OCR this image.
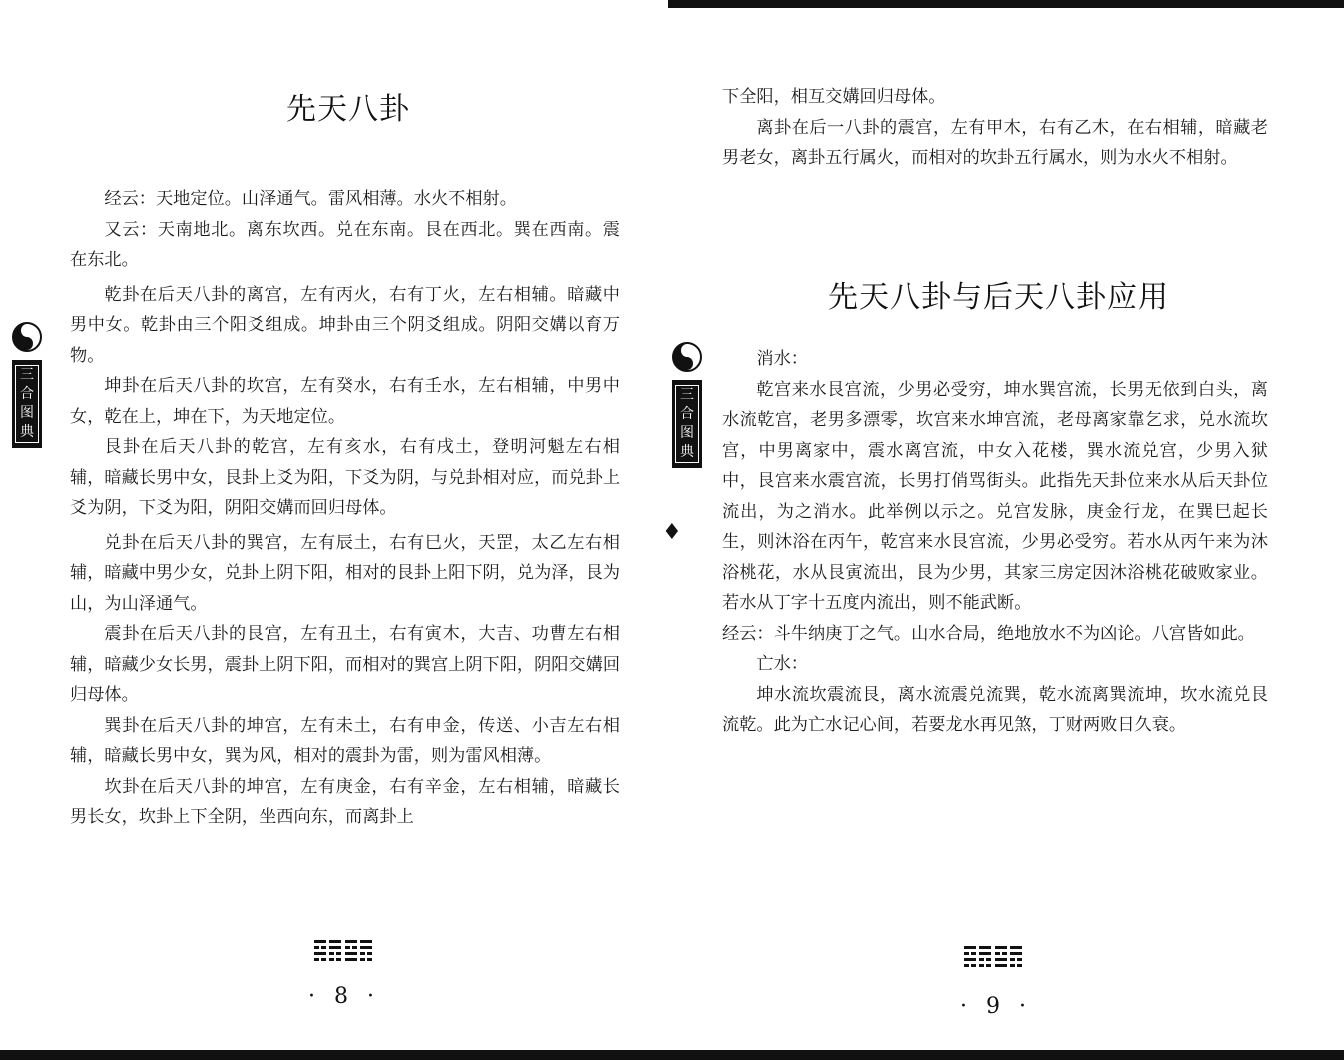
先天八卦
三合图典

经云：天地定位。山泽通气。雷风相薄。水火不相射。

又云：天南地北。离东坎西。兑在东南。艮在西北。巽在西南。震在东北。

乾卦在后天八卦的离宫，左有丙火，右有丁火，左右相辅。暗藏中男中女。乾卦由三个阳爻组成。坤卦由三个阴爻组成。阴阳交媾以育万物。

坤卦在后天八卦的坎宫，左有癸水，右有壬水，左右相辅，中男中女，乾在上，坤在下，为天地定位。

艮卦在后天八卦的乾宫，左有亥水，右有戌土，登明河魁左右相辅，暗藏长男中女，艮卦上爻为阳，下爻为阴，与兑卦相对应，而兑卦上爻为阴，下爻为阳，阴阳交媾而回归母体。

兑卦在后天八卦的巽宫，左有辰土，右有巳火，天罡，太乙左右相辅，暗藏中男少女，兑卦上阴下阳，相对的艮卦上阳下阴，兑为泽，艮为山，为山泽通气。

震卦在后天八卦的艮宫，左有丑土，右有寅木，大吉、功曹左右相辅，暗藏少女长男，震卦上阴下阳，而相对的巽宫上阴下阳，阴阳交媾回归母体。

巽卦在后天八卦的坤宫，左有未土，右有申金，传送、小吉左右相辅，暗藏长男中女，巽为风，相对的震卦为雷，则为雷风相薄。

坎卦在后天八卦的坤宫，左有庚金，右有辛金，左右相辅，暗藏长男长女，坎卦上下全阴，坐西向东，而离卦上

· 8 ·
三合图典
♦

下全阳，相互交媾回归母体。

离卦在后一八卦的震宫，左有甲木，右有乙木，在右相辅，暗藏老男老女，离卦五行属火，而相对的坎卦五行属水，则为水火不相射。

先天八卦与后天八卦应用

消水：

乾宫来水艮宫流，少男必受穷，坤水巽宫流，长男无依到白头，离水流乾宫，老男多漂零，坎宫来水坤宫流，老母离家靠乞求，兑水流坎宫，中男离家中，震水离宫流，中女入花楼，巽水流兑宫，少男入狱中，艮宫来水震宫流，长男打俏骂街头。此指先天卦位来水从后天卦位流出，为之消水。此举例以示之。兑宫发脉，庚金行龙，在巽巳起长生，则沐浴在丙午，乾宫来水艮宫流，少男必受穷。若水从丙午来为沐浴桃花，水从艮寅流出，艮为少男，其家三房定因沐浴桃花破败家业。若水从丁字十五度内流出，则不能武断。

经云：斗牛纳庚丁之气。山水合局，绝地放水不为凶论。八宫皆如此。

亡水：

坤水流坎震流艮，离水流震兑流巽，乾水流离巽流坤，坎水流兑艮流乾。此为亡水记心间，若要龙水再见煞，丁财两败日久衰。

· 9 ·
